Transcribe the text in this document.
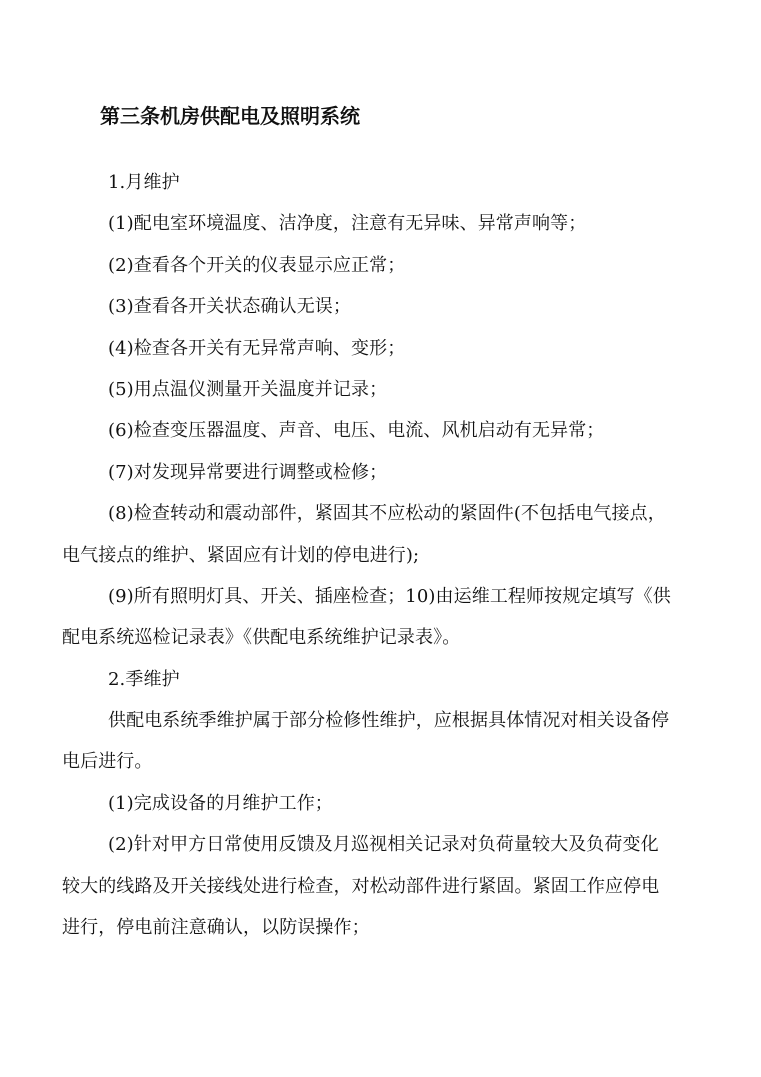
第三条机房供配电及照明系统
1.月维护
(1)配电室环境温度、洁净度，注意有无异味、异常声响等；
(2)查看各个开关的仪表显示应正常；
(3)查看各开关状态确认无误；
(4)检查各开关有无异常声响、变形；
(5)用点温仪测量开关温度并记录；
(6)检查变压器温度、声音、电压、电流、风机启动有无异常；
(7)对发现异常要进行调整或检修；
(8)检查转动和震动部件，紧固其不应松动的紧固件(不包括电气接点，
电气接点的维护、紧固应有计划的停电进行);
(9)所有照明灯具、开关、插座检查；10)由运维工程师按规定填写《供
配电系统巡检记录表》《供配电系统维护记录表》。
2.季维护
供配电系统季维护属于部分检修性维护，应根据具体情况对相关设备停
电后进行。
(1)完成设备的月维护工作；
(2)针对甲方日常使用反馈及月巡视相关记录对负荷量较大及负荷变化
较大的线路及开关接线处进行检查，对松动部件进行紧固。紧固工作应停电
进行，停电前注意确认，以防误操作；
